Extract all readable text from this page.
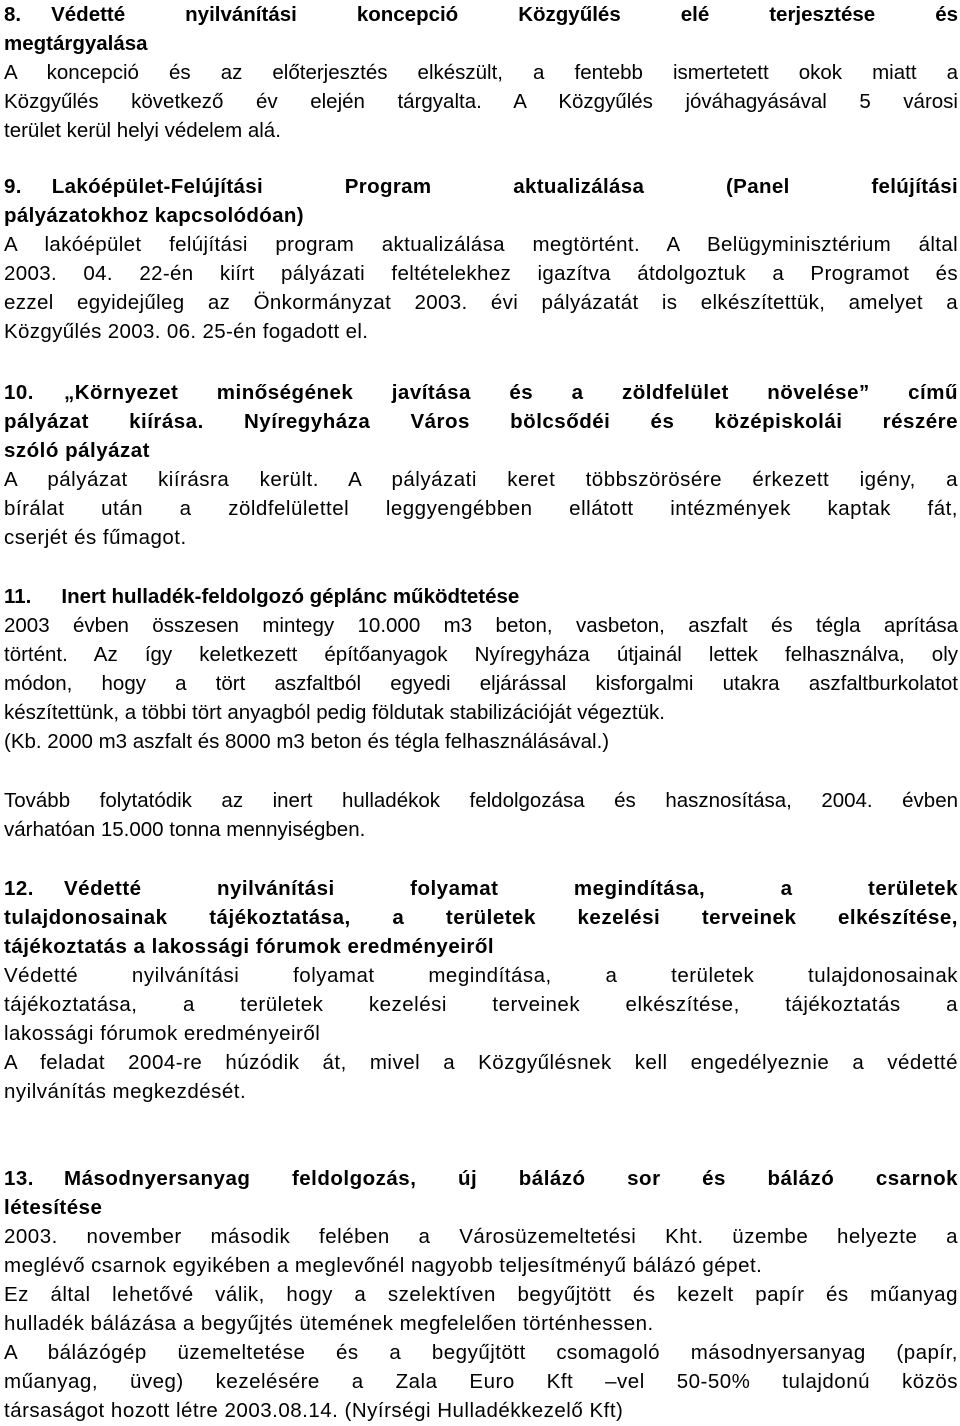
8. Védetté nyilvánítási koncepció Közgyűlés elé terjesztése és
megtárgyalása
A koncepció és az előterjesztés elkészült, a fentebb ismertetett okok miatt a
Közgyűlés következő év elején tárgyalta. A Közgyűlés jóváhagyásával 5 városi
terület kerül helyi védelem alá.
9. Lakóépület-Felújítási Program aktualizálása (Panel felújítási
pályázatokhoz kapcsolódóan)
A lakóépület felújítási program aktualizálása megtörtént. A Belügyminisztérium által
2003. 04. 22-én kiírt pályázati feltételekhez igazítva átdolgoztuk a Programot és
ezzel egyidejűleg az Önkormányzat 2003. évi pályázatát is elkészítettük, amelyet a
Közgyűlés 2003. 06. 25-én fogadott el.
10. „Környezet minőségének javítása és a zöldfelület növelése” című
pályázat kiírása. Nyíregyháza Város bölcsődéi és középiskolái részére
szóló pályázat
A pályázat kiírásra került. A pályázati keret többszörösére érkezett igény, a
bírálat után a zöldfelülettel leggyengébben ellátott intézmények kaptak fát,
cserjét és fűmagot.
11. Inert hulladék-feldolgozó géplánc működtetése
2003 évben összesen mintegy 10.000 m3 beton, vasbeton, aszfalt és tégla aprítása
történt. Az így keletkezett építőanyagok Nyíregyháza útjainál lettek felhasználva, oly
módon, hogy a tört aszfaltból egyedi eljárással kisforgalmi utakra aszfaltburkolatot
készítettünk, a többi tört anyagból pedig földutak stabilizációját végeztük.
(Kb. 2000 m3 aszfalt és 8000 m3 beton és tégla felhasználásával.)
Tovább folytatódik az inert hulladékok feldolgozása és hasznosítása, 2004. évben
várhatóan 15.000 tonna mennyiségben.
12. Védetté nyilvánítási folyamat megindítása, a területek
tulajdonosainak tájékoztatása, a területek kezelési terveinek elkészítése,
tájékoztatás a lakossági fórumok eredményeiről
Védetté nyilvánítási folyamat megindítása, a területek tulajdonosainak
tájékoztatása, a területek kezelési terveinek elkészítése, tájékoztatás a
lakossági fórumok eredményeiről
A feladat 2004-re húzódik át, mivel a Közgyűlésnek kell engedélyeznie a védetté
nyilvánítás megkezdését.
13. Másodnyersanyag feldolgozás, új bálázó sor és bálázó csarnok
létesítése
2003. november második felében a Városüzemeltetési Kht. üzembe helyezte a
meglévő csarnok egyikében a meglevőnél nagyobb teljesítményű bálázó gépet.
Ez által lehetővé válik, hogy a szelektíven begyűjtött és kezelt papír és műanyag
hulladék bálázása a begyűjtés ütemének megfelelően történhessen.
A bálázógép üzemeltetése és a begyűjtött csomagoló másodnyersanyag (papír,
műanyag, üveg) kezelésére a Zala Euro Kft –vel 50-50% tulajdonú közös
társaságot hozott létre 2003.08.14. (Nyírségi Hulladékkezelő Kft)
